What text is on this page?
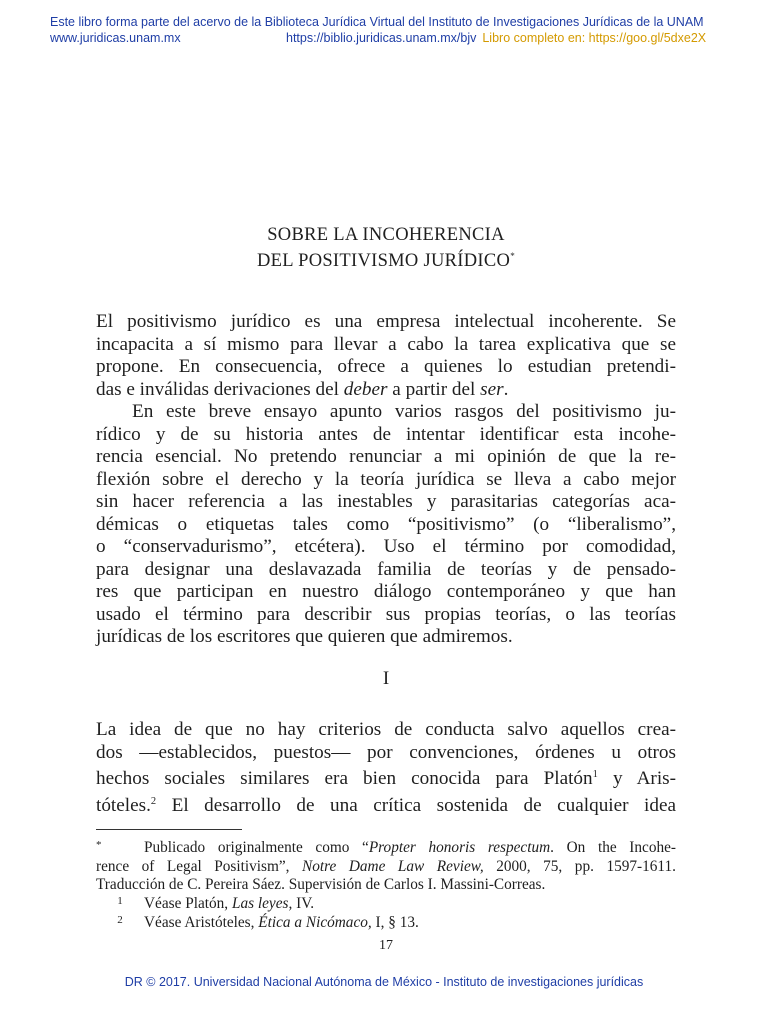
Este libro forma parte del acervo de la Biblioteca Jurídica Virtual del Instituto de Investigaciones Jurídicas de la UNAM
www.juridicas.unam.mx	https://biblio.juridicas.unam.mx/bjv Libro completo en: https://goo.gl/5dxe2X
SOBRE LA INCOHERENCIA
DEL POSITIVISMO JURÍDICO*
El positivismo jurídico es una empresa intelectual incoherente. Se
incapacita a sí mismo para llevar a cabo la tarea explicativa que se
propone. En consecuencia, ofrece a quienes lo estudian pretendi-
das e inválidas derivaciones del deber a partir del ser.
En este breve ensayo apunto varios rasgos del positivismo ju-
rídico y de su historia antes de intentar identificar esta incohe-
rencia esencial. No pretendo renunciar a mi opinión de que la re-
flexión sobre el derecho y la teoría jurídica se lleva a cabo mejor
sin hacer referencia a las inestables y parasitarias categorías aca-
démicas o etiquetas tales como “positivismo” (o “liberalismo”,
o “conservadurismo”, etcétera). Uso el término por comodidad,
para designar una deslavazada familia de teorías y de pensado-
res que participan en nuestro diálogo contemporáneo y que han
usado el término para describir sus propias teorías, o las teorías
jurídicas de los escritores que quieren que admiremos.
I
La idea de que no hay criterios de conducta salvo aquellos crea-
dos —establecidos, puestos— por convenciones, órdenes u otros
hechos sociales similares era bien conocida para Platón$^1$ y Aris-
tóteles.$^2$ El desarrollo de una crítica sostenida de cualquier idea
*	Publicado originalmente como “Propter honoris respectum. On the Incohe-
rence of Legal Positivism”, Notre Dame Law Review, 2000, 75, pp. 1597-1611.
Traducción de C. Pereira Sáez. Supervisión de Carlos I. Massini-Correas.
1 Véase Platón, Las leyes, IV.
2 Véase Aristóteles, Ética a Nicómaco, I, § 13.
17
DR © 2017. Universidad Nacional Autónoma de México - Instituto de investigaciones jurídicas
